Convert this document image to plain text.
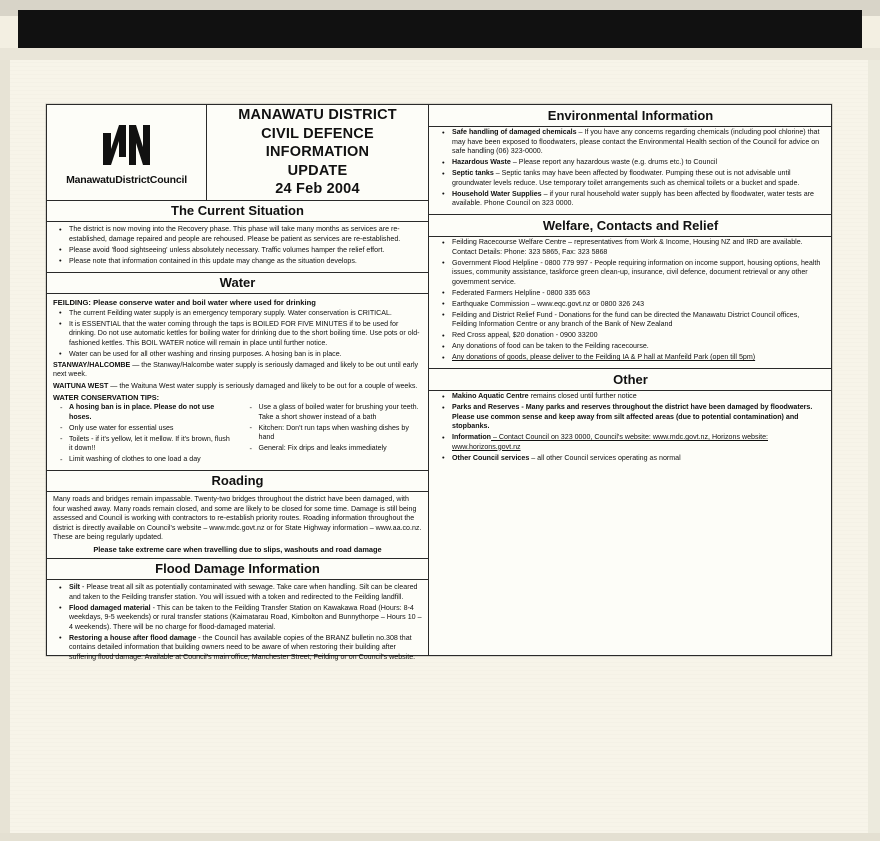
ManawatuDistrictCouncil
MANAWATU DISTRICT
CIVIL DEFENCE
INFORMATION
UPDATE
24 Feb 2004
The Current Situation
• The district is now moving into the Recovery phase. This phase will take many months as services are re-established, damage repaired and people are rehoused. Please be patient as services are re-established.
• Please avoid 'flood sightseeing' unless absolutely necessary. Traffic volumes hamper the relief effort.
• Please note that information contained in this update may change as the situation develops.
Water
FEILDING: Please conserve water and boil water where used for drinking
• The current Feilding water supply is an emergency temporary supply. Water conservation is CRITICAL.
• It is ESSENTIAL that the water coming through the taps is BOILED FOR FIVE MINUTES if to be used for drinking. Do not use automatic kettles for boiling water for drinking due to the short boiling time. Use pots or old-fashioned kettles. This BOIL WATER notice will remain in place until further notice.
• Water can be used for all other washing and rinsing purposes. A hosing ban is in place.
STANWAY/HALCOMBE — the Stanway/Halcombe water supply is seriously damaged and likely to be out until early next week.
WAITUNA WEST — the Waituna West water supply is seriously damaged and likely to be out for a couple of weeks.
WATER CONSERVATION TIPS:
- A hosing ban is in place. Please do not use hoses.
- Only use water for essential uses
- Toilets - if it's yellow, let it mellow. If it's brown, flush it down!!
- Limit washing of clothes to one load a day
- Use a glass of boiled water for brushing your teeth. Take a short shower instead of a bath
- Kitchen: Don't run taps when washing dishes by hand
- General: Fix drips and leaks immediately
Roading
Many roads and bridges remain impassable. Twenty-two bridges throughout the district have been damaged, with four washed away. Many roads remain closed, and some are likely to be closed for some time. Damage is still being assessed and Council is working with contractors to re-establish priority routes. Roading information throughout the district is directly available on Council's website – www.mdc.govt.nz or for State Highway information – www.aa.co.nz. These are being regularly updated.
Please take extreme care when travelling due to slips, washouts and road damage
Flood Damage Information
• Silt - Please treat all silt as potentially contaminated with sewage. Take care when handling. Silt can be cleared and taken to the Feilding transfer station. You will issued with a token and redirected to the Feilding landfill.
• Flood damaged material - This can be taken to the Feilding Transfer Station on Kawakawa Road (Hours: 8-4 weekdays, 9-5 weekends) or rural transfer stations (Kaimatarau Road, Kimbolton and Bunnythorpe – Hours 10 – 4 weekends). There will be no charge for flood-damaged material.
• Restoring a house after flood damage - the Council has available copies of the BRANZ bulletin no.308 that contains detailed information that building owners need to be aware of when restoring their building after suffering flood damage. Available at Council's main office, Manchester Street, Feilding or on Council's website.
Environmental Information
• Safe handling of damaged chemicals – If you have any concerns regarding chemicals (including pool chlorine) that may have been exposed to floodwaters, please contact the Environmental Health section of the Council for advice on safe handling (06) 323-0000.
• Hazardous Waste – Please report any hazardous waste (e.g. drums etc.) to Council
• Septic tanks – Septic tanks may have been affected by floodwater. Pumping these out is not advisable until groundwater levels reduce. Use temporary toilet arrangements such as chemical toilets or a bucket and spade.
• Household Water Supplies – if your rural household water supply has been affected by floodwater, water tests are available. Phone Council on 323 0000.
Welfare, Contacts and Relief
• Feilding Racecourse Welfare Centre – representatives from Work & Income, Housing NZ and IRD are available. Contact Details: Phone: 323 5865, Fax: 323 5868
• Government Flood Helpline - 0800 779 997 - People requiring information on income support, housing options, health issues, community assistance, taskforce green clean-up, insurance, civil defence, document retrieval or any other government service.
• Federated Farmers Helpline - 0800 335 663
• Earthquake Commission – www.eqc.govt.nz or 0800 326 243
• Feilding and District Relief Fund - Donations for the fund can be directed the Manawatu District Council offices, Feilding Information Centre or any branch of the Bank of New Zealand
• Red Cross appeal, $20 donation - 0900 33200
• Any donations of food can be taken to the Feilding racecourse.
• Any donations of goods, please deliver to the Feilding IA & P hall at Manfeild Park (open till 5pm)
Other
• Makino Aquatic Centre remains closed until further notice
• Parks and Reserves - Many parks and reserves throughout the district have been damaged by floodwaters. Please use common sense and keep away from silt affected areas (due to potential contamination) and stopbanks.
• Information – Contact Council on 323 0000, Council's website: www.mdc.govt.nz, Horizons website: www.horizons.govt.nz
• Other Council services – all other Council services operating as normal
